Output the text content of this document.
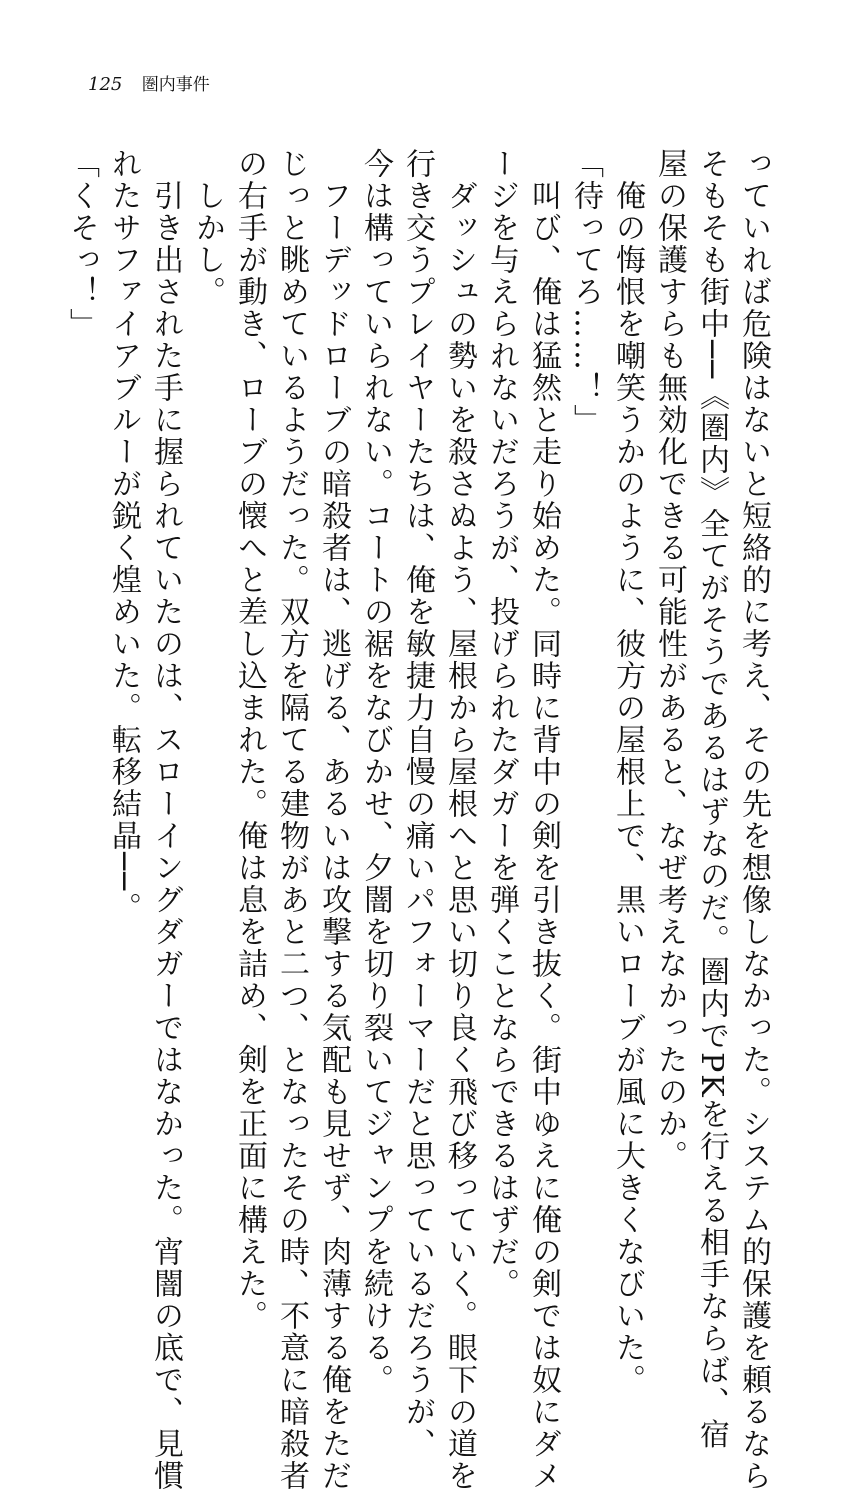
125 圏内事件

っていれば危険はないと短絡的に考え、その先を想像しなかった。システム的保護を頼るなら

そもそも街中──《圏内》全てがそうであるはずなのだ。圏内でPKを行える相手ならば、宿

屋の保護すらも無効化できる可能性があると、なぜ考えなかったのか。

　俺の悔恨を嘲笑うかのように、彼方の屋根上で、黒いローブが風に大きくなびいた。

「待ってろ……！」

　叫び、俺は猛然と走り始めた。同時に背中の剣を引き抜く。街中ゆえに俺の剣では奴にダメ

ージを与えられないだろうが、投げられたダガーを弾くことならできるはずだ。

　ダッシュの勢いを殺さぬよう、屋根から屋根へと思い切り良く飛び移っていく。眼下の道を

行き交うプレイヤーたちは、俺を敏捷力自慢の痛いパフォーマーだと思っているだろうが、

今は構っていられない。コートの裾をなびかせ、夕闇を切り裂いてジャンプを続ける。

　フーデッドローブの暗殺者は、逃げる、あるいは攻撃する気配も見せず、肉薄する俺をただ

じっと眺めているようだった。双方を隔てる建物があと二つ、となったその時、不意に暗殺者

の右手が動き、ローブの懐へと差し込まれた。俺は息を詰め、剣を正面に構えた。

　しかし。

　引き出された手に握られていたのは、スローイングダガーではなかった。宵闇の底で、見慣

れたサファイアブルーが鋭く煌めいた。転移結晶──。

「くそっ！」
